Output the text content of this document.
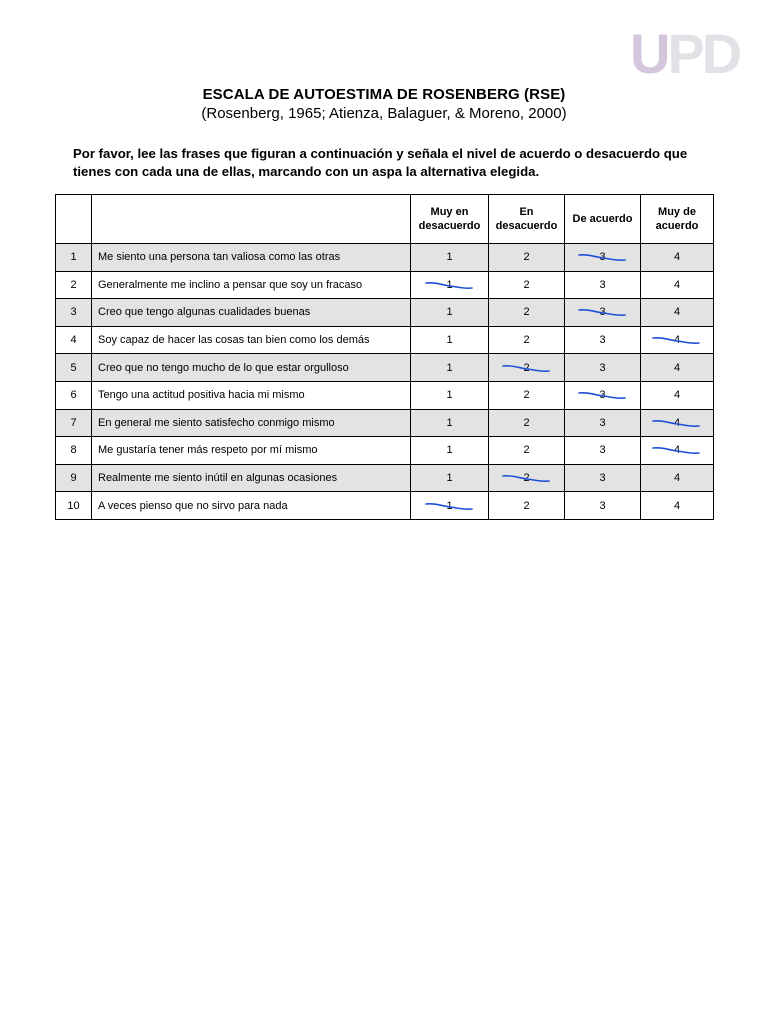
UPD
ESCALA DE AUTOESTIMA DE ROSENBERG (RSE)
(Rosenberg, 1965; Atienza, Balaguer, & Moreno, 2000)
Por favor, lee las frases que figuran a continuación y señala el nivel de acuerdo o desacuerdo que tienes con cada una de ellas, marcando con un aspa la alternativa elegida.
		Muy en desacuerdo	En desacuerdo	De acuerdo	Muy de acuerdo
1	Me siento una persona tan valiosa como las otras	1	2	3	4
2	Generalmente me inclino a pensar que soy un fracaso	1	2	3	4
3	Creo que tengo algunas cualidades buenas	1	2	3	4
4	Soy capaz de hacer las cosas tan bien como los demás	1	2	3	4

5	Creo que no tengo mucho de lo que estar orgulloso	1	2	3	4
6	Tengo una actitud positiva hacia mi mismo	1	2	3	4
7	En general me siento satisfecho conmigo mismo	1	2	3	4

8	Me gustaría tener más respeto por mí mismo	1	2	3	4

9	Realmente me siento inútil en algunas ocasiones	1	2	3	4
10	A veces pienso que no sirvo para nada	1	2	3	4
